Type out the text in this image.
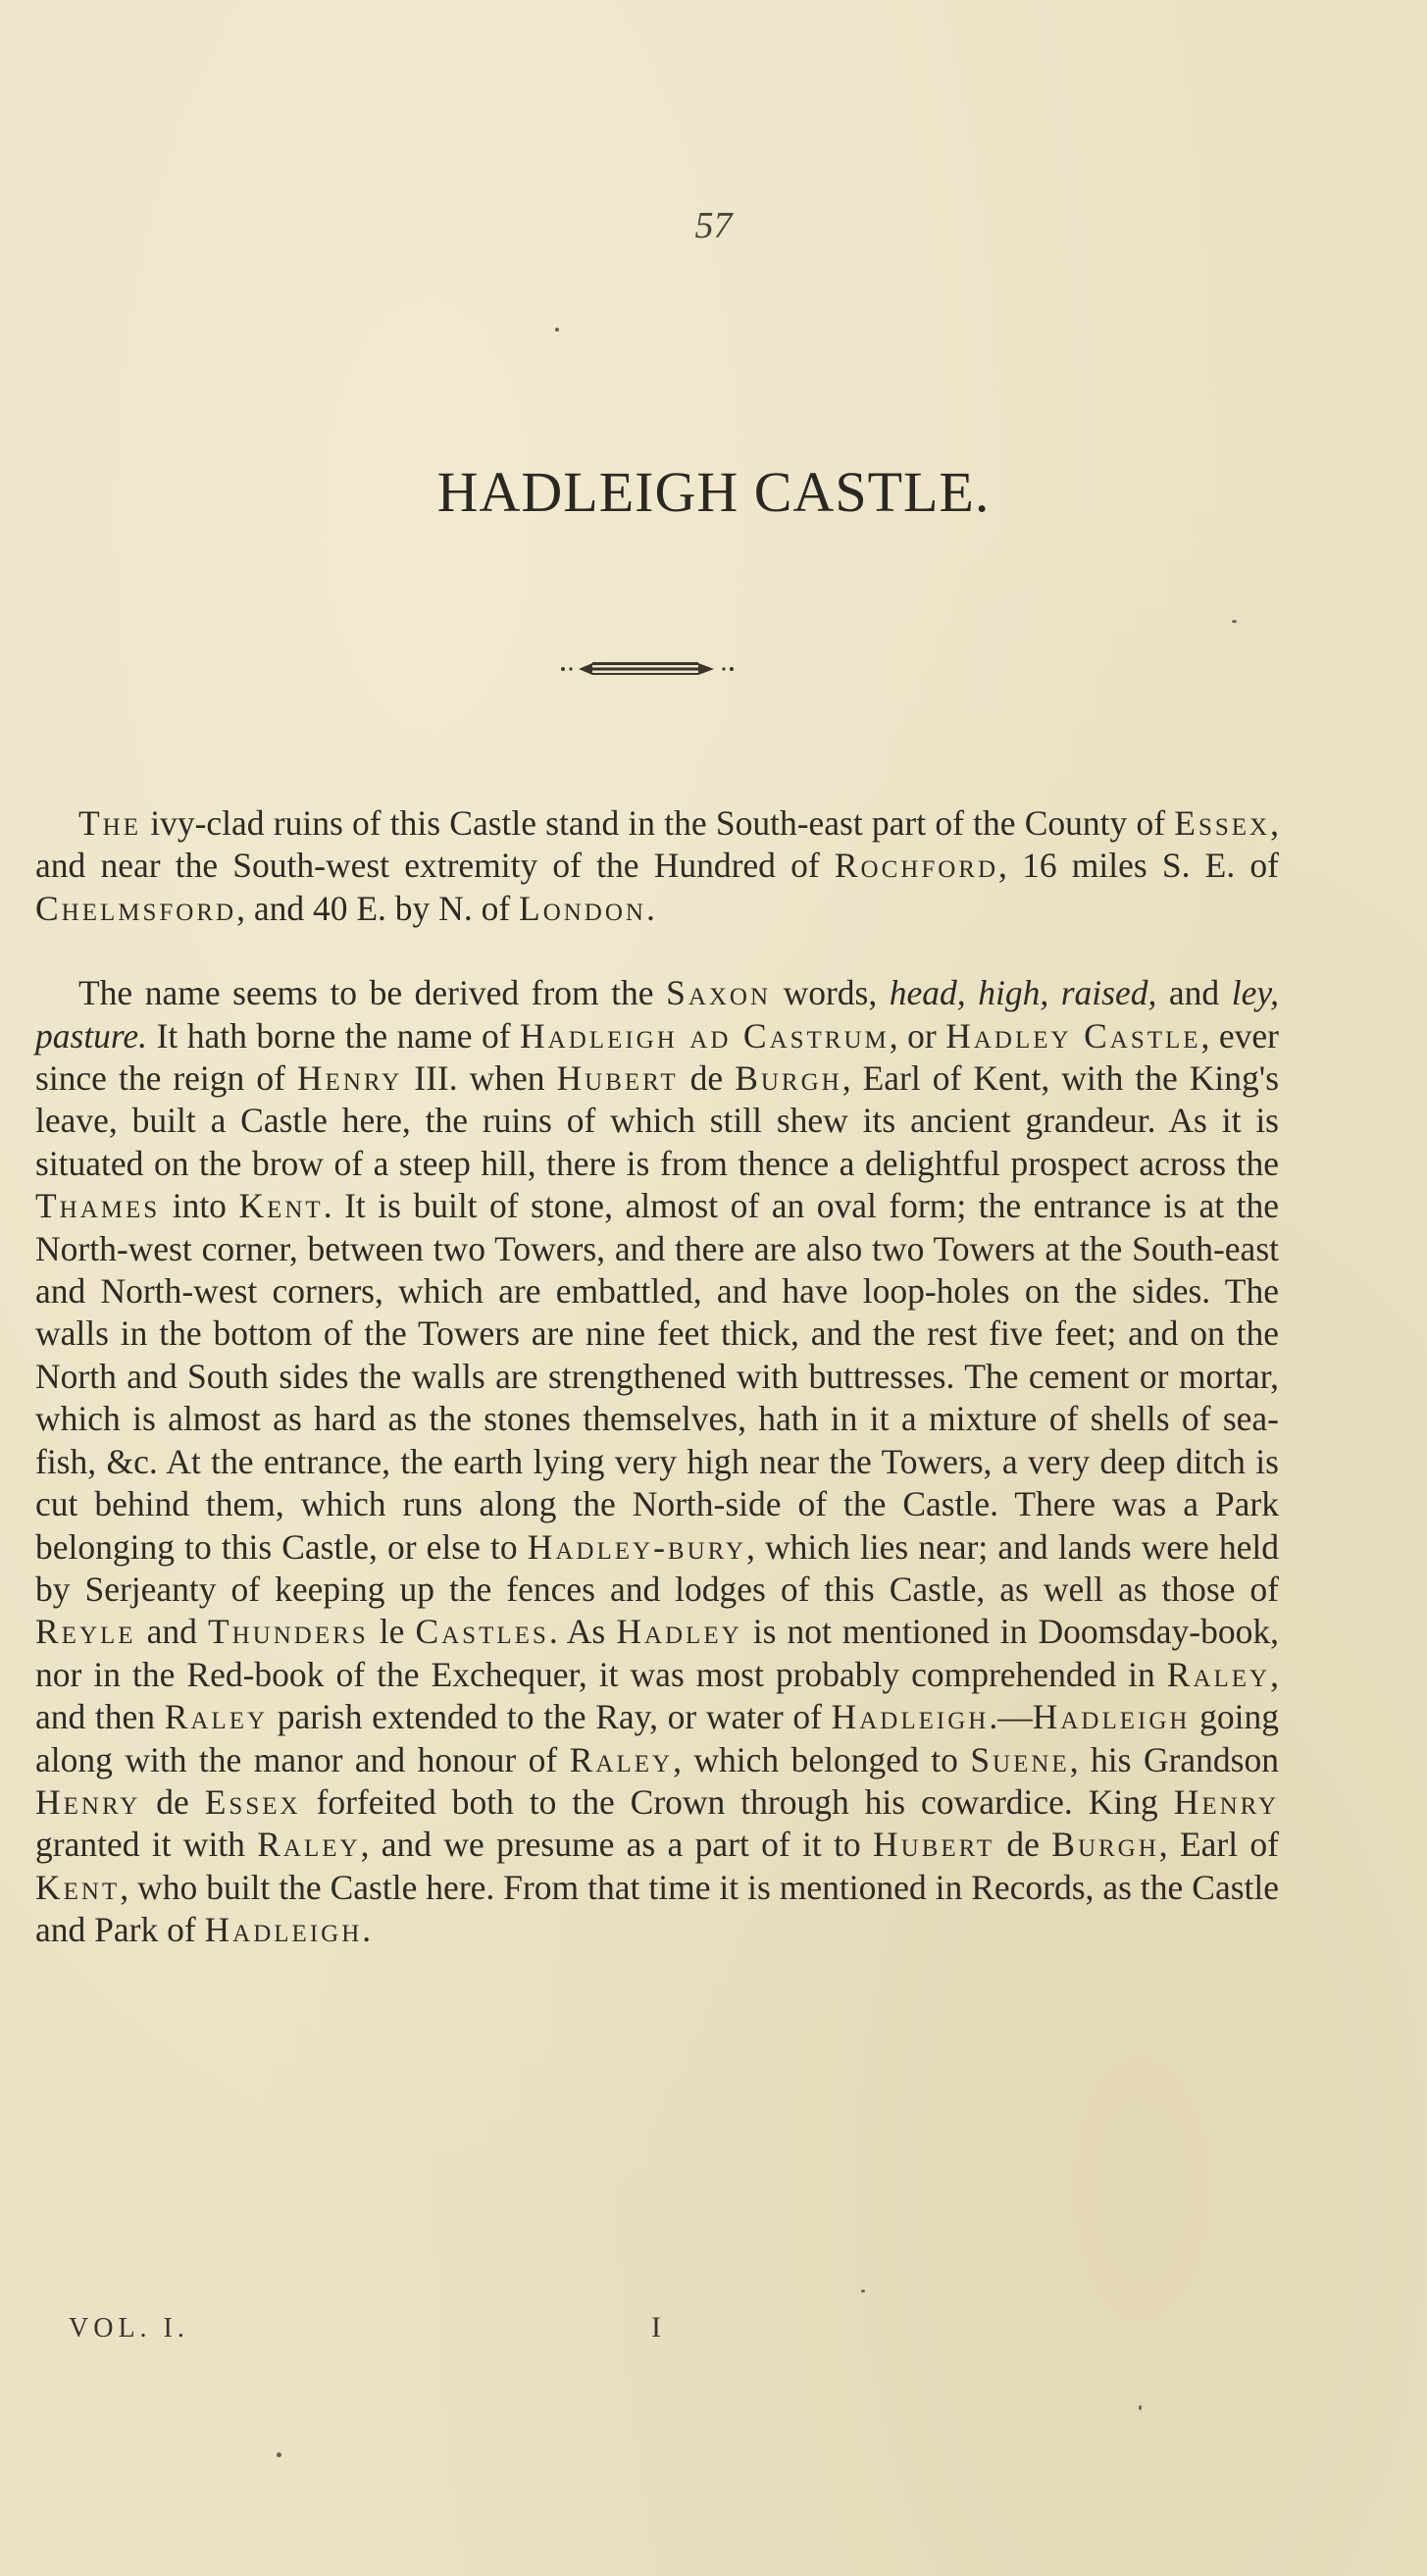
57
HADLEIGH CASTLE.

The ivy-clad ruins of this Castle stand in the South-east part of the County of Essex, and near the South-west extremity of the Hundred of Rochford, 16 miles S. E. of Chelmsford, and 40 E. by N. of London.

The name seems to be derived from the Saxon words, head, high, raised, and ley, pasture. It hath borne the name of Hadleigh ad Castrum, or Hadley Castle, ever since the reign of Henry III. when Hubert de Burgh, Earl of Kent, with the King's leave, built a Castle here, the ruins of which still shew its ancient grandeur. As it is situated on the brow of a steep hill, there is from thence a delightful prospect across the Thames into Kent. It is built of stone, almost of an oval form; the entrance is at the North-west corner, between two Towers, and there are also two Towers at the South-east and North-west corners, which are embattled, and have loop-holes on the sides. The walls in the bottom of the Towers are nine feet thick, and the rest five feet; and on the North and South sides the walls are strengthened with buttresses. The cement or mortar, which is almost as hard as the stones themselves, hath in it a mixture of shells of sea-fish, &c. At the entrance, the earth lying very high near the Towers, a very deep ditch is cut behind them, which runs along the North-side of the Castle. There was a Park belonging to this Castle, or else to Hadley-bury, which lies near; and lands were held by Serjeanty of keeping up the fences and lodges of this Castle, as well as those of Reyle and Thunders le Castles. As Hadley is not mentioned in Doomsday-book, nor in the Red-book of the Exchequer, it was most probably comprehended in Raley, and then Raley parish extended to the Ray, or water of Hadleigh.—Hadleigh going along with the manor and honour of Raley, which belonged to Suene, his Grandson Henry de Essex forfeited both to the Crown through his cowardice. King Henry granted it with Raley, and we presume as a part of it to Hubert de Burgh, Earl of Kent, who built the Castle here. From that time it is mentioned in Records, as the Castle and Park of Hadleigh.

VOL. I.	I
